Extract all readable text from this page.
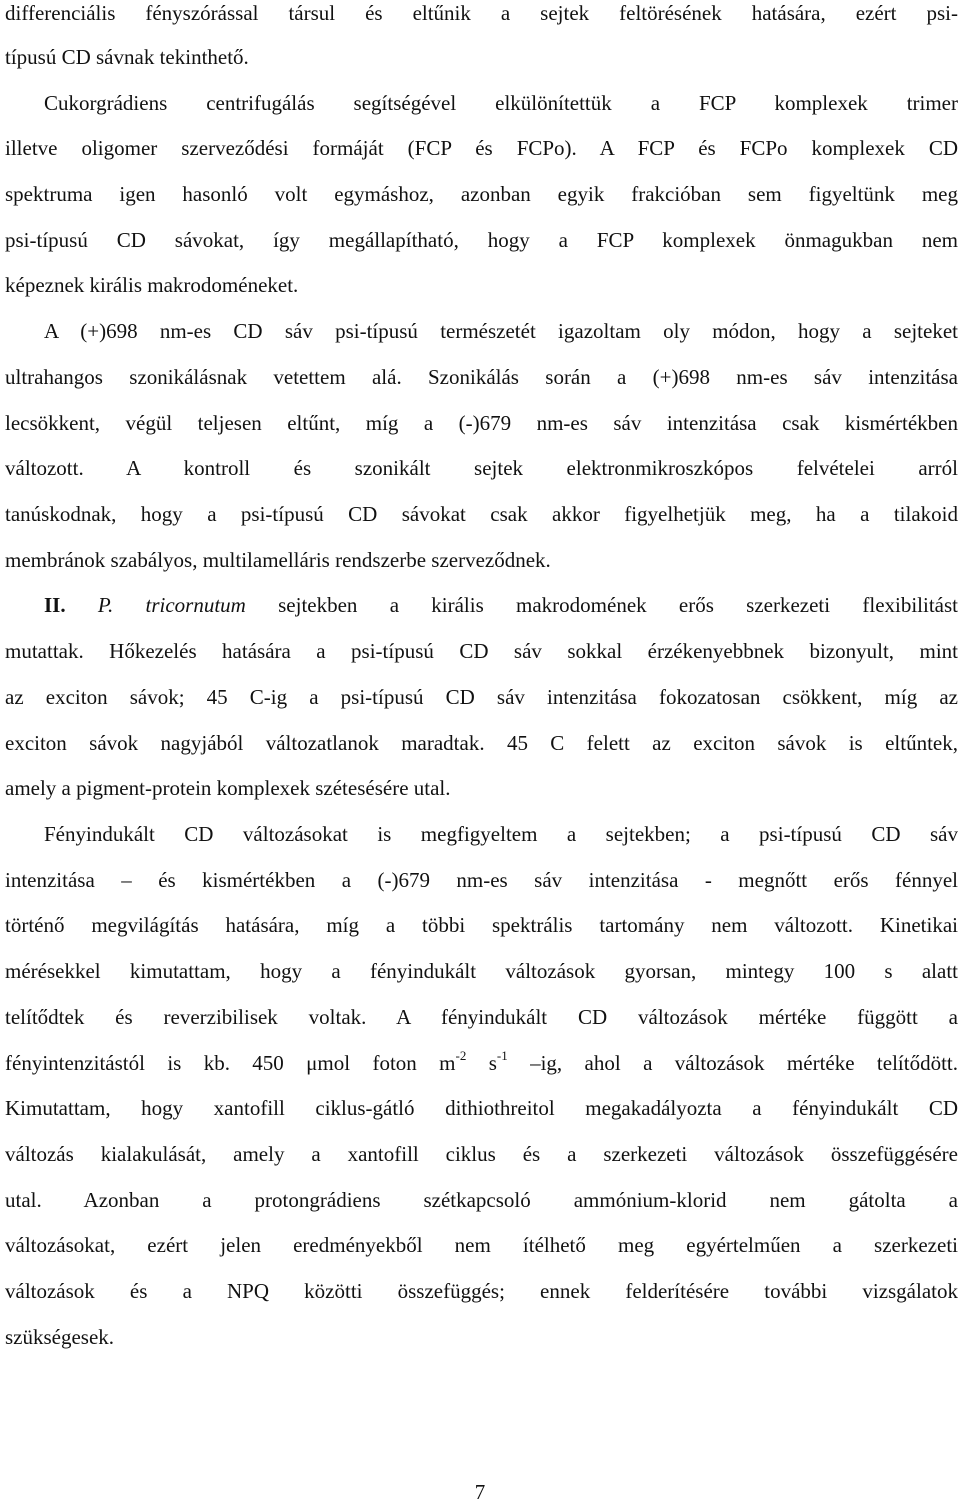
differenciális fényszórással társul és eltűnik a sejtek feltörésének hatására, ezért psi-
típusú CD sávnak tekinthető.
Cukorgrádiens centrifugálás segítségével elkülönítettük a FCP komplexek trimer
illetve oligomer szerveződési formáját (FCP és FCPo). A FCP és FCPo komplexek CD
spektruma igen hasonló volt egymáshoz, azonban egyik frakcióban sem figyeltünk meg
psi-típusú CD sávokat, így megállapítható, hogy a FCP komplexek önmagukban nem
képeznek királis makrodoméneket.
A (+)698 nm-es CD sáv psi-típusú természetét igazoltam oly módon, hogy a sejteket
ultrahangos szonikálásnak vetettem alá. Szonikálás során a (+)698 nm-es sáv intenzitása
lecsökkent, végül teljesen eltűnt, míg a (-)679 nm-es sáv intenzitása csak kismértékben
változott. A kontroll és szonikált sejtek elektronmikroszkópos felvételei arról
tanúskodnak, hogy a psi-típusú CD sávokat csak akkor figyelhetjük meg, ha a tilakoid
membránok szabályos, multilamelláris rendszerbe szerveződnek.
II. P. tricornutum sejtekben a királis makrodomének erős szerkezeti flexibilitást
mutattak. Hőkezelés hatására a psi-típusú CD sáv sokkal érzékenyebbnek bizonyult, mint
az exciton sávok; 45 C-ig a psi-típusú CD sáv intenzitása fokozatosan csökkent, míg az
exciton sávok nagyjából változatlanok maradtak. 45 C felett az exciton sávok is eltűntek,
amely a pigment-protein komplexek szétesésére utal.
Fényindukált CD változásokat is megfigyeltem a sejtekben; a psi-típusú CD sáv
intenzitása – és kismértékben a (-)679 nm-es sáv intenzitása - megnőtt erős fénnyel
történő megvilágítás hatására, míg a többi spektrális tartomány nem változott. Kinetikai
mérésekkel kimutattam, hogy a fényindukált változások gyorsan, mintegy 100 s alatt
telítődtek és reverzibilisek voltak. A fényindukált CD változások mértéke függött a
fényintenzitástól is kb. 450 μmol foton $m^{-2}$ $s^{-1}$ –ig, ahol a változások mértéke telítődött.
Kimutattam, hogy xantofill ciklus-gátló dithiothreitol megakadályozta a fényindukált CD
változás kialakulását, amely a xantofill ciklus és a szerkezeti változások összefüggésére
utal. Azonban a protongrádiens szétkapcsoló ammónium-klorid nem gátolta a
változásokat, ezért jelen eredményekből nem ítélhető meg egyértelműen a szerkezeti
változások és a NPQ közötti összefüggés; ennek felderítésére további vizsgálatok
szükségesek.
7
